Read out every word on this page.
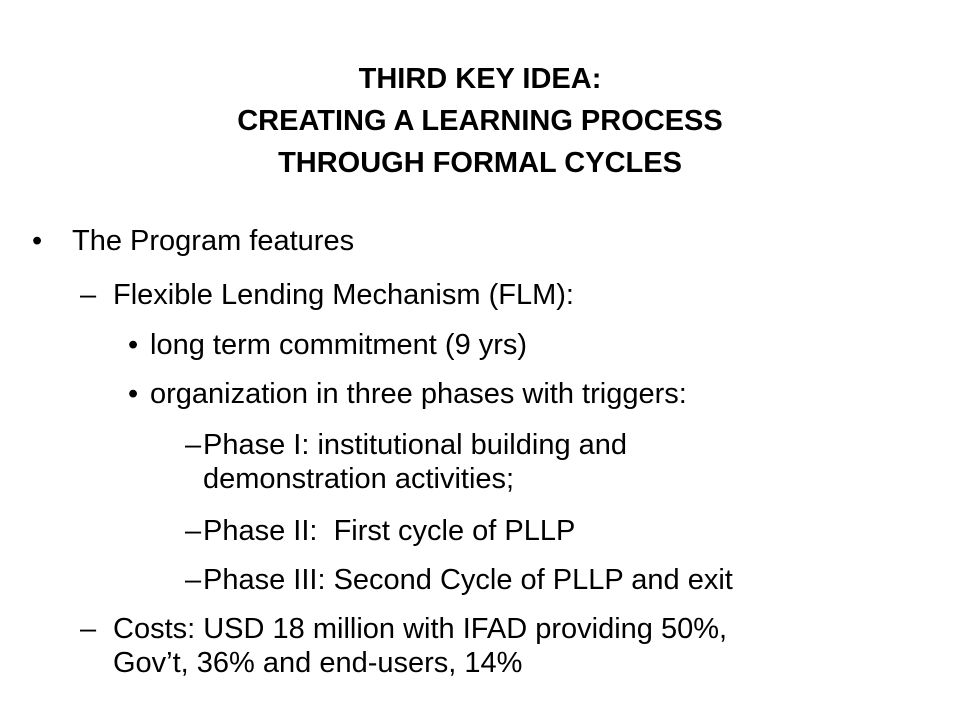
THIRD KEY IDEA:
CREATING A LEARNING PROCESS
THROUGH FORMAL CYCLES
• The Program features
– Flexible Lending Mechanism (FLM):
• long term commitment (9 yrs)
• organization in three phases with triggers:
– Phase I: institutional building and
demonstration activities;
– Phase II:  First cycle of PLLP
– Phase III: Second Cycle of PLLP and exit
– Costs: USD 18 million with IFAD providing 50%,
Gov’t, 36% and end-users, 14%
